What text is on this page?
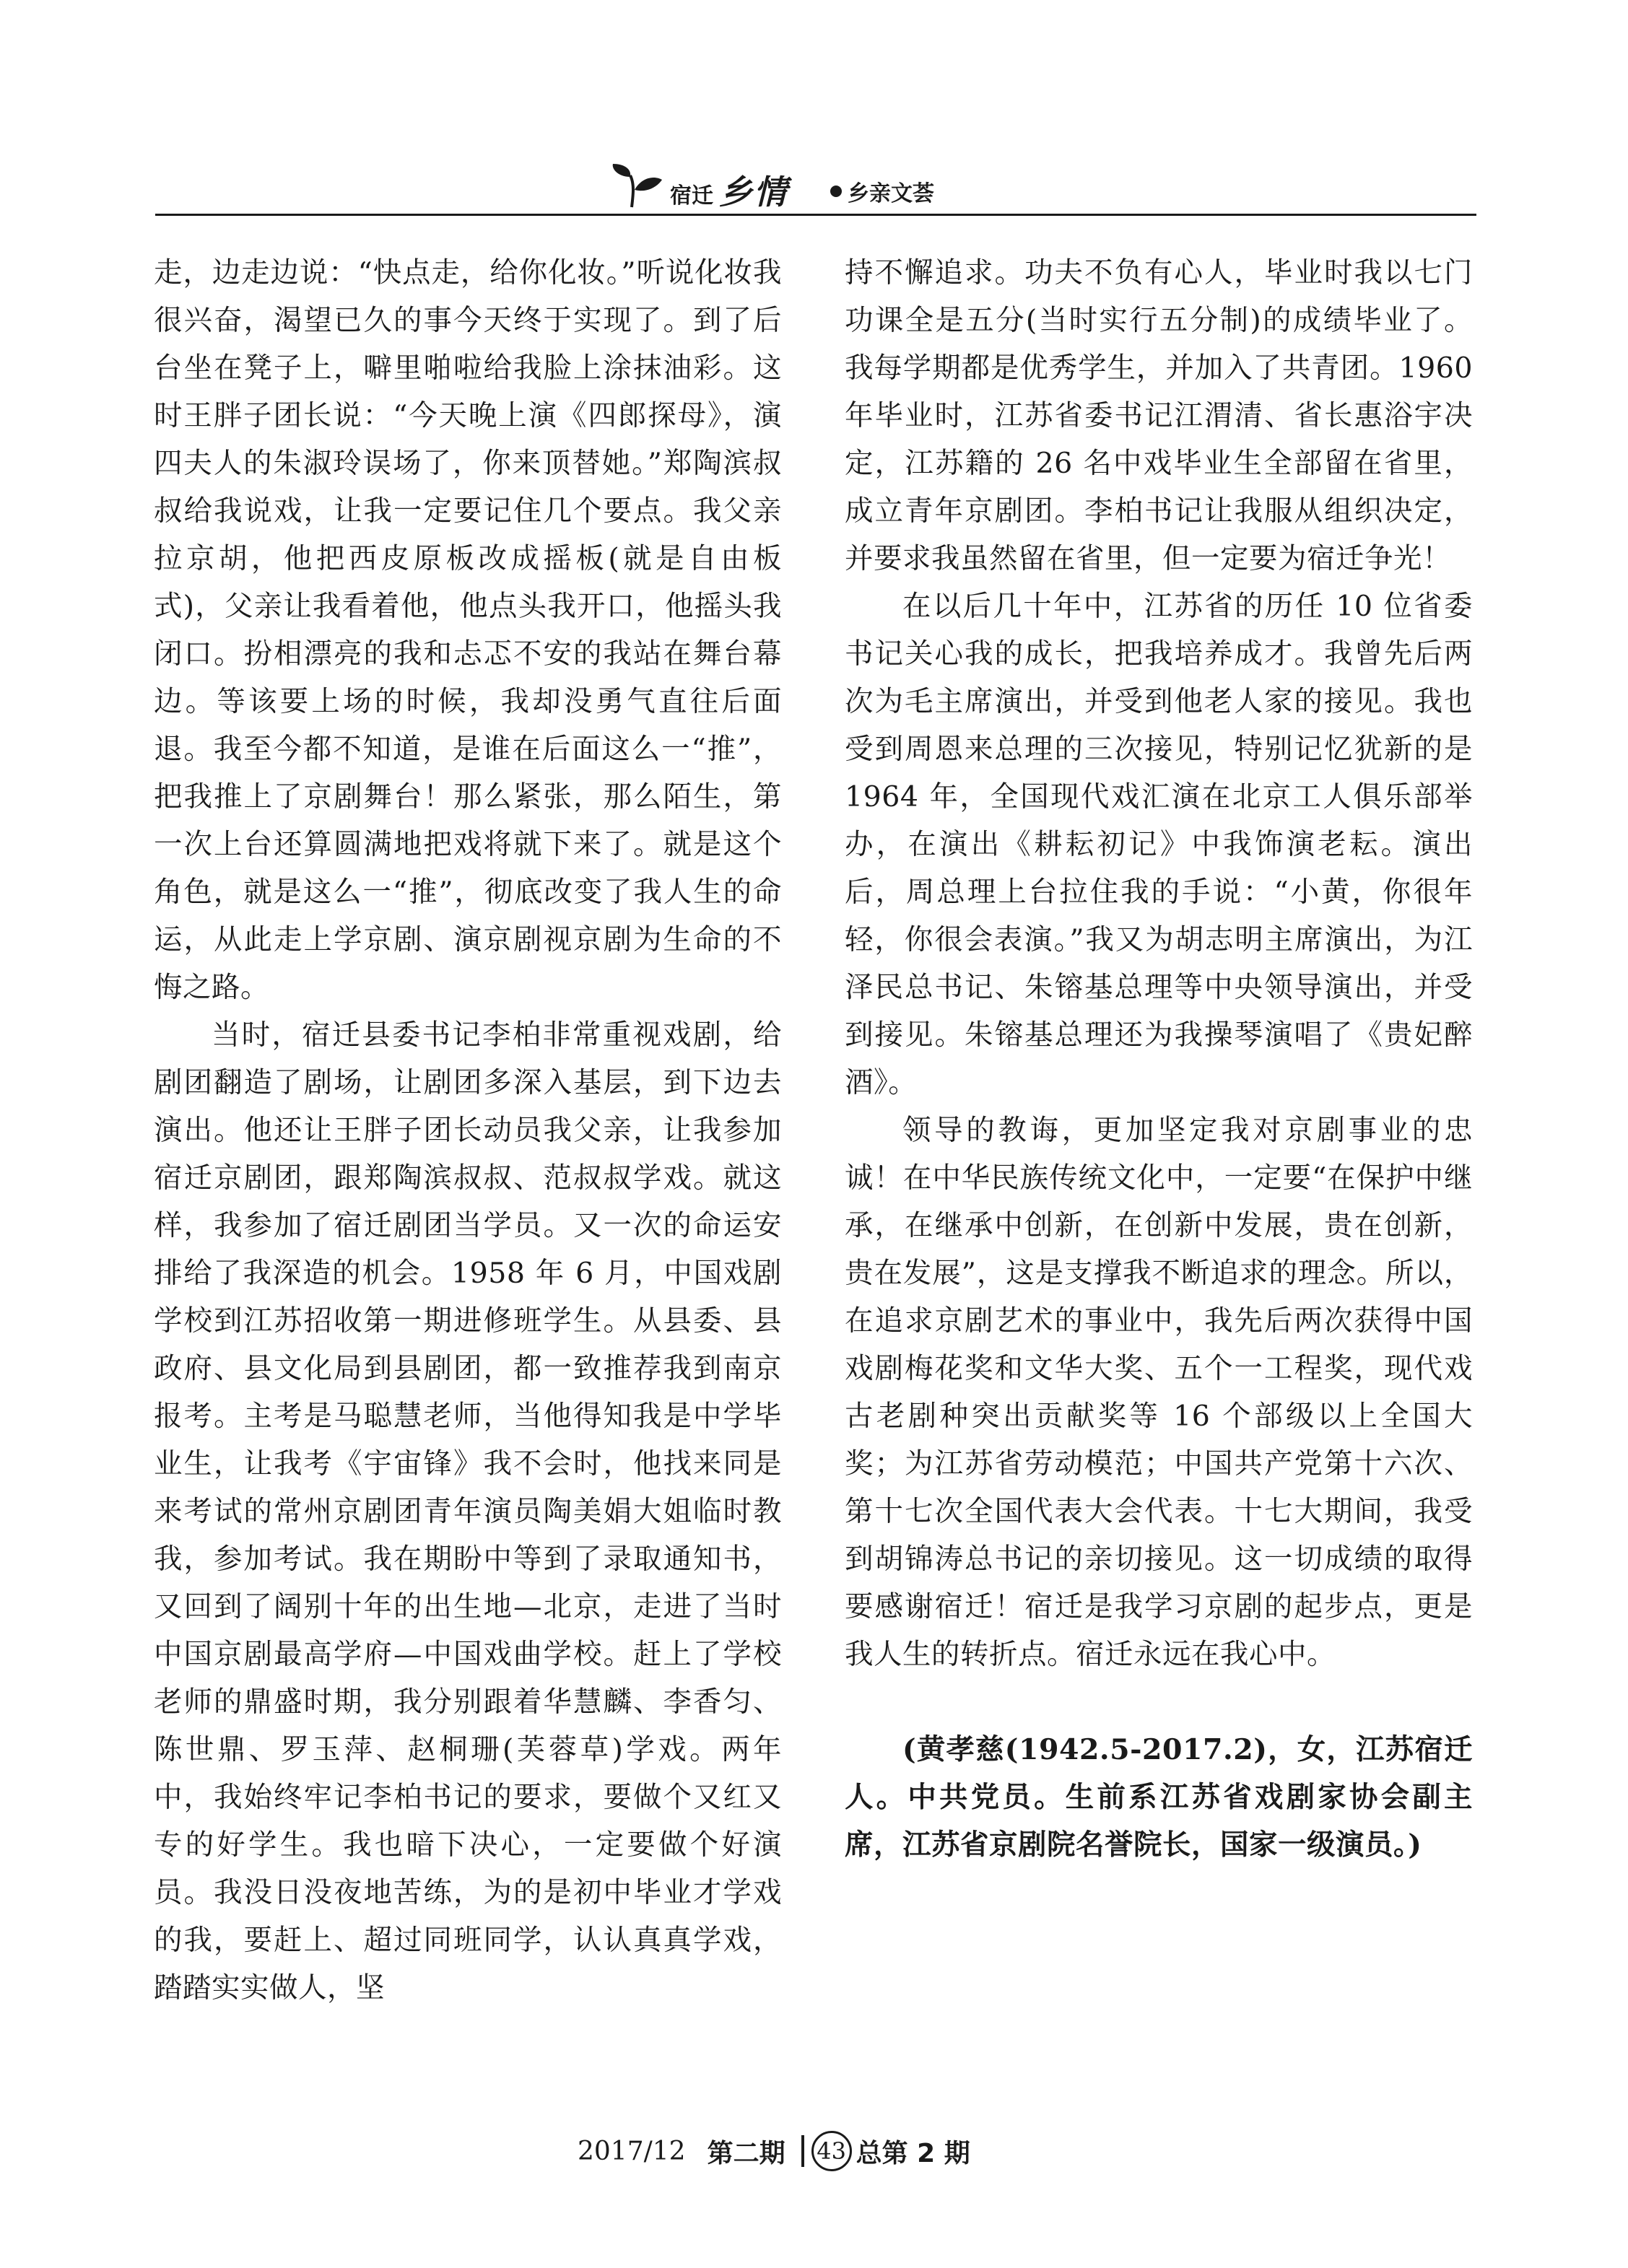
宿迁 乡情	乡亲文荟

走，边走边说：“快点走，给你化妆。”听说化妆我很兴奋，渴望已久的事今天终于实现了。到了后台坐在凳子上，噼里啪啦给我脸上涂抹油彩。这时王胖子团长说：“今天晚上演《四郎探母》，演四夫人的朱淑玲误场了，你来顶替她。”郑陶滨叔叔给我说戏，让我一定要记住几个要点。我父亲拉京胡，他把西皮原板改成摇板(就是自由板式)，父亲让我看着他，他点头我开口，他摇头我闭口。扮相漂亮的我和忐忑不安的我站在舞台幕边。等该要上场的时候，我却没勇气直往后面退。我至今都不知道，是谁在后面这么一“推”，把我推上了京剧舞台！那么紧张，那么陌生，第一次上台还算圆满地把戏将就下来了。就是这个角色，就是这么一“推”，彻底改变了我人生的命运，从此走上学京剧、演京剧视京剧为生命的不悔之路。

当时，宿迁县委书记李柏非常重视戏剧，给剧团翻造了剧场，让剧团多深入基层，到下边去演出。他还让王胖子团长动员我父亲，让我参加宿迁京剧团，跟郑陶滨叔叔、范叔叔学戏。就这样，我参加了宿迁剧团当学员。又一次的命运安排给了我深造的机会。1958 年 6 月，中国戏剧学校到江苏招收第一期进修班学生。从县委、县政府、县文化局到县剧团，都一致推荐我到南京报考。主考是马聪慧老师，当他得知我是中学毕业生，让我考《宇宙锋》我不会时，他找来同是来考试的常州京剧团青年演员陶美娟大姐临时教我，参加考试。我在期盼中等到了录取通知书，又回到了阔别十年的出生地—北京，走进了当时中国京剧最高学府—中国戏曲学校。赶上了学校老师的鼎盛时期，我分别跟着华慧麟、李香匀、陈世鼎、罗玉萍、赵桐珊(芙蓉草)学戏。两年中，我始终牢记李柏书记的要求，要做个又红又专的好学生。我也暗下决心，一定要做个好演员。我没日没夜地苦练，为的是初中毕业才学戏的我，要赶上、超过同班同学，认认真真学戏，踏踏实实做人，坚

持不懈追求。功夫不负有心人，毕业时我以七门功课全是五分(当时实行五分制)的成绩毕业了。我每学期都是优秀学生，并加入了共青团。1960 年毕业时，江苏省委书记江渭清、省长惠浴宇决定，江苏籍的 26 名中戏毕业生全部留在省里，成立青年京剧团。李柏书记让我服从组织决定，并要求我虽然留在省里，但一定要为宿迁争光！

在以后几十年中，江苏省的历任 10 位省委书记关心我的成长，把我培养成才。我曾先后两次为毛主席演出，并受到他老人家的接见。我也受到周恩来总理的三次接见，特别记忆犹新的是 1964 年，全国现代戏汇演在北京工人俱乐部举办，在演出《耕耘初记》中我饰演老耘。演出后，周总理上台拉住我的手说：“小黄，你很年轻，你很会表演。”我又为胡志明主席演出，为江泽民总书记、朱镕基总理等中央领导演出，并受到接见。朱镕基总理还为我操琴演唱了《贵妃醉酒》。

领导的教诲，更加坚定我对京剧事业的忠诚！在中华民族传统文化中，一定要“在保护中继承，在继承中创新，在创新中发展，贵在创新，贵在发展”，这是支撑我不断追求的理念。所以，在追求京剧艺术的事业中，我先后两次获得中国戏剧梅花奖和文华大奖、五个一工程奖，现代戏古老剧种突出贡献奖等 16 个部级以上全国大奖；为江苏省劳动模范；中国共产党第十六次、第十七次全国代表大会代表。十七大期间，我受到胡锦涛总书记的亲切接见。这一切成绩的取得要感谢宿迁！宿迁是我学习京剧的起步点，更是我人生的转折点。宿迁永远在我心中。

(黄孝慈(1942.5-2017.2)，女，江苏宿迁人。中共党员。生前系江苏省戏剧家协会副主席，江苏省京剧院名誉院长，国家一级演员。)

2017/12 第二期 43 总第 2 期
